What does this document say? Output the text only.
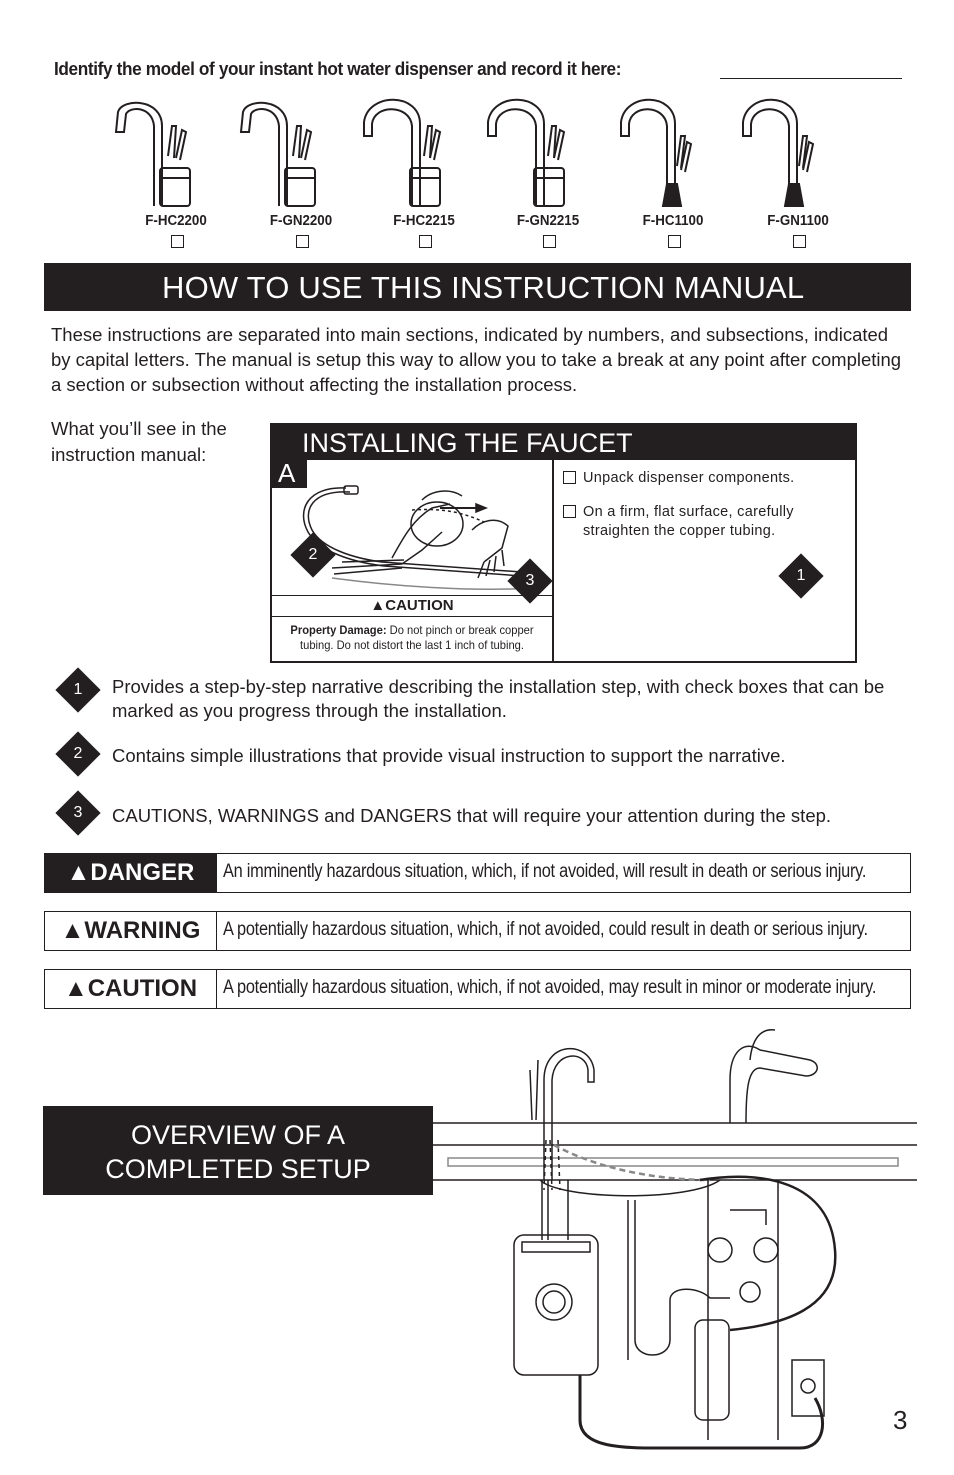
Identify the model of your instant hot water dispenser and record it here:
F-HC2200	F-GN2200	F-HC2215	F-GN2215	F-HC1100	F-GN1100
HOW TO USE THIS INSTRUCTION MANUAL
These instructions are separated into main sections, indicated by numbers, and subsections, indicated by capital letters. The manual is setup this way to allow you to take a break at any point after completing a section or subsection without affecting the installation process.
What you’ll see in the instruction manual:	INSTALLING THE FAUCET
A
2
3	1
▲CAUTION
Property Damage: Do not pinch or break copper tubing. Do not distort the last 1 inch of tubing.
Unpack dispenser components.
On a firm, flat surface, carefully straighten the copper tubing.
1	Provides a step-by-step narrative describing the installation step, with check boxes that can be marked as you progress through the installation.
2	Contains simple illustrations that provide visual instruction to support the narrative.
3	CAUTIONS, WARNINGS and DANGERS that will require your attention during the step.
▲DANGER	An imminently hazardous situation, which, if not avoided, will result in death or serious injury.
▲WARNING	A potentially hazardous situation, which, if not avoided, could result in death or serious injury.
▲CAUTION	A potentially hazardous situation, which, if not avoided, may result in minor or moderate injury.
OVERVIEW OF A
COMPLETED SETUP
3
